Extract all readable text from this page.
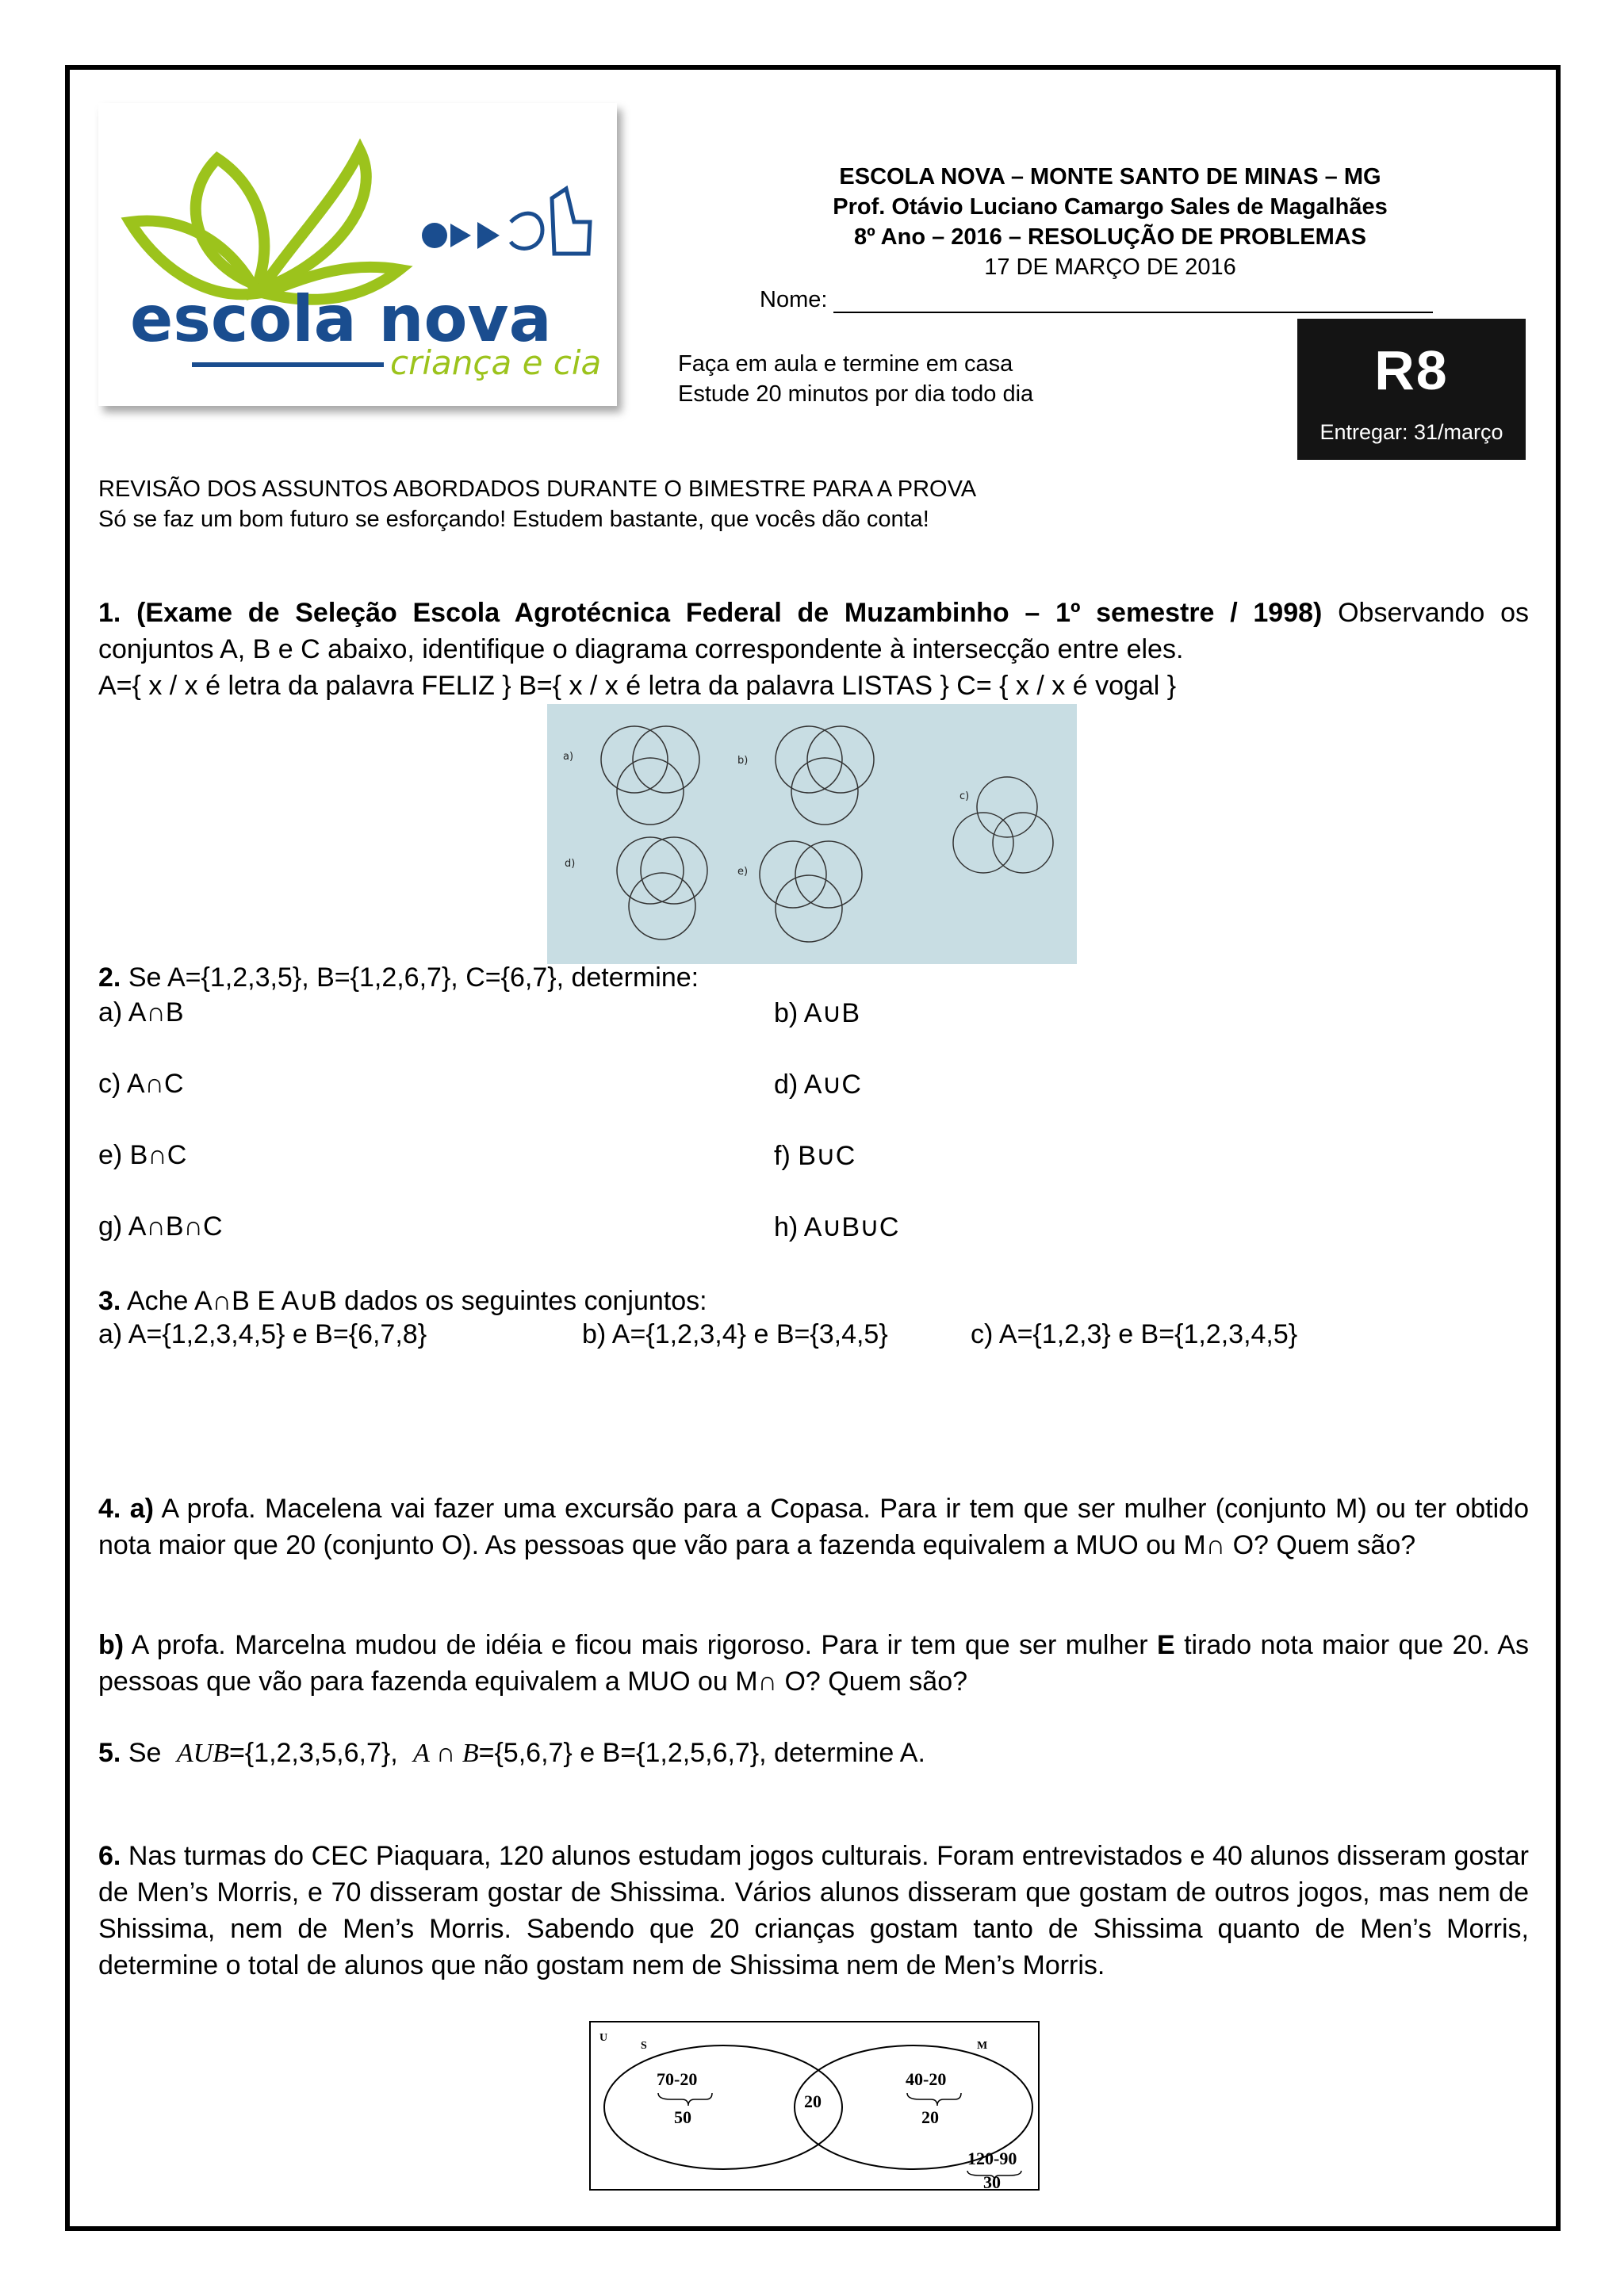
escola nova
criança e cia
ESCOLA NOVA – MONTE SANTO DE MINAS – MG
Prof. Otávio Luciano Camargo Sales de Magalhães
8º Ano – 2016 – RESOLUÇÃO DE PROBLEMAS
17 DE MARÇO DE 2016
Nome:
Faça em aula e termine em casa
Estude 20 minutos por dia todo dia	R8
Entregar: 31/março
REVISÃO DOS ASSUNTOS ABORDADOS DURANTE O BIMESTRE PARA A PROVA
Só se faz um bom futuro se esforçando! Estudem bastante, que vocês dão conta!
1. (Exame de Seleção Escola Agrotécnica Federal de Muzambinho – 1º semestre / 1998) Observando os conjuntos A, B e C abaixo, identifique o diagrama correspondente à intersecção entre eles.
A={ x / x é letra da palavra FELIZ } B={ x / x é letra da palavra LISTAS } C= { x / x é vogal }
a)	b)
c)
d)
e)
2. Se A={1,2,3,5}, B={1,2,6,7}, C={6,7}, determine:
a) A∩B	b) A∪B
c) A∩C	d) A∪C
e) B∩C	f) B∪C
g) A∩B∩C	h) A∪B∪C
3. Ache A∩B E A∪B dados os seguintes conjuntos:
a) A={1,2,3,4,5} e B={6,7,8}	b) A={1,2,3,4} e B={3,4,5}	c) A={1,2,3} e B={1,2,3,4,5}
4. a) A profa. Macelena vai fazer uma excursão para a Copasa. Para ir tem que ser mulher (conjunto M) ou ter obtido nota maior que 20 (conjunto O). As pessoas que vão para a fazenda equivalem a MUO ou M∩ O? Quem são?
b) A profa. Marcelna mudou de idéia e ficou mais rigoroso. Para ir tem que ser mulher E tirado nota maior que 20. As pessoas que vão para fazenda equivalem a MUO ou M∩ O? Quem são?
5. Se AUB={1,2,3,5,6,7}, A ∩ B={5,6,7} e B={1,2,5,6,7}, determine A.
6. Nas turmas do CEC Piaquara, 120 alunos estudam jogos culturais. Foram entrevistados e 40 alunos disseram gostar de Men’s Morris, e 70 disseram gostar de Shissima. Vários alunos disseram que gostam de outros jogos, mas nem de Shissima, nem de Men’s Morris. Sabendo que 20 crianças gostam tanto de Shissima quanto de Men’s Morris, determine o total de alunos que não gostam nem de Shissima nem de Men’s Morris.
U
S	M
70-20
50
20
40-20
20
120-90
30
